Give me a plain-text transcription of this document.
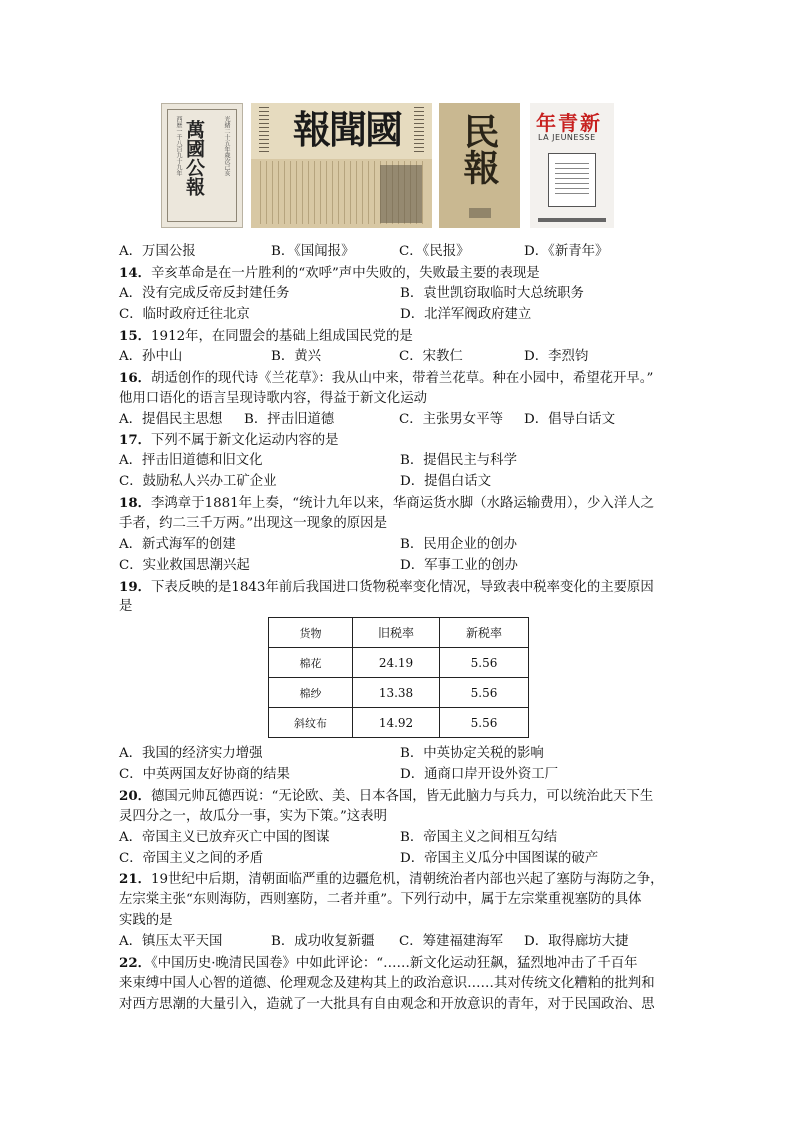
光緒二十五年歲次己亥
西歷一千八百九十九年 萬國公報 報聞國 民報 年青新
LA JEUNESSE
A．万国公报	B．《国闻报》	C．《民报》	D．《新青年》
14．辛亥革命是在一片胜利的“欢呼”声中失败的，失败最主要的表现是
A．没有完成反帝反封建任务	B．袁世凯窃取临时大总统职务
C．临时政府迁往北京	D．北洋军阀政府建立
15．1912年，在同盟会的基础上组成国民党的是
A．孙中山	B．黄兴	C．宋教仁	D．李烈钧
16．胡适创作的现代诗《兰花草》：我从山中来，带着兰花草。种在小园中，希望花开早。”
他用口语化的语言呈现诗歌内容，得益于新文化运动
A．提倡民主思想 B．抨击旧道德	C．主张男女平等 D．倡导白话文
17．下列不属于新文化运动内容的是
A．抨击旧道德和旧文化	B．提倡民主与科学
C．鼓励私人兴办工矿企业	D．提倡白话文
18．李鸿章于1881年上奏，“统计九年以来，华商运货水脚（水路运输费用），少入洋人之
手者，约二三千万两。”出现这一现象的原因是
A．新式海军的创建	B．民用企业的创办
C．实业救国思潮兴起	D．军事工业的创办
19．下表反映的是1843年前后我国进口货物税率变化情况，导致表中税率变化的主要原因
是
货物	旧税率	新税率
棉花	24.19	5.56
棉纱	13.38	5.56
斜纹布	14.92	5.56
A．我国的经济实力增强	B．中英协定关税的影响
C．中英两国友好协商的结果	D．通商口岸开设外资工厂
20．德国元帅瓦德西说：“无论欧、美、日本各国，皆无此脑力与兵力，可以统治此天下生
灵四分之一，故瓜分一事，实为下策。”这表明
A．帝国主义已放弃灭亡中国的图谋	B．帝国主义之间相互勾结
C．帝国主义之间的矛盾	D．帝国主义瓜分中国图谋的破产
21．19世纪中后期，清朝面临严重的边疆危机，清朝统治者内部也兴起了塞防与海防之争，
左宗棠主张“东则海防，西则塞防，二者并重”。下列行动中，属于左宗棠重视塞防的具体
实践的是
A．镇压太平天国	B．成功收复新疆 C．筹建福建海军 D．取得廊坊大捷
22．《中国历史·晚清民国卷》中如此评论：“……新文化运动狂飙，猛烈地冲击了千百年
来束缚中国人心智的道德、伦理观念及建构其上的政治意识……其对传统文化糟粕的批判和
对西方思潮的大量引入，造就了一大批具有自由观念和开放意识的青年，对于民国政治、思
